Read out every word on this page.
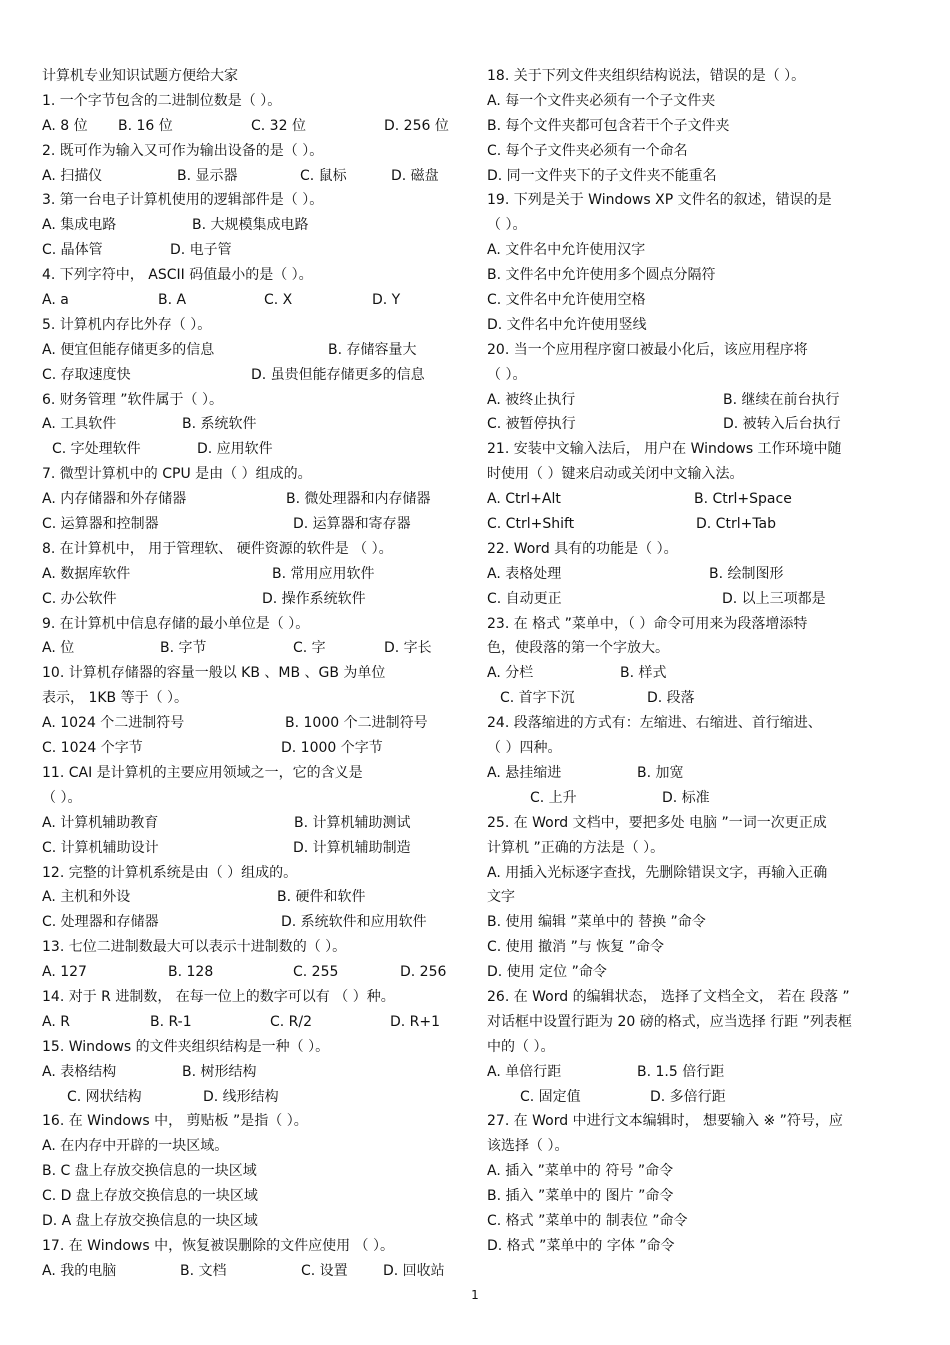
计算机专业知识试题方便给大家
1. 一个字节包含的二进制位数是（ ）。
A. 8 位 B. 16 位	C. 32 位	D. 256 位
2. 既可作为输入又可作为输出设备的是（ ）。
A. 扫描仪	B. 显示器	C. 鼠标	D. 磁盘
3. 第一台电子计算机使用的逻辑部件是（ ）。
A. 集成电路	B. 大规模集成电路
C. 晶体管	D. 电子管
4. 下列字符中， ASCII 码值最小的是（ ）。
A. a	B. A	C. X	D. Y
5. 计算机内存比外存（ ）。
A. 便宜但能存储更多的信息	B. 存储容量大
C. 存取速度快	D. 虽贵但能存储更多的信息
6. 财务管理 ”软件属于（ ）。
A. 工具软件	B. 系统软件
C. 字处理软件	D. 应用软件
7. 微型计算机中的 CPU 是由（ ）组成的。
A. 内存储器和外存储器	B. 微处理器和内存储器
C. 运算器和控制器	D. 运算器和寄存器
8. 在计算机中， 用于管理软、 硬件资源的软件是 （ ）。
A. 数据库软件	B. 常用应用软件
C. 办公软件	D. 操作系统软件
9. 在计算机中信息存储的最小单位是（ ）。
A. 位	B. 字节	C. 字	D. 字长
10. 计算机存储器的容量一般以 KB 、MB 、GB 为单位
表示， 1KB 等于（ ）。
A. 1024 个二进制符号	B. 1000 个二进制符号
C. 1024 个字节	D. 1000 个字节
11. CAI 是计算机的主要应用领域之一，它的含义是
（ ）。
A. 计算机辅助教育	B. 计算机辅助测试
C. 计算机辅助设计	D. 计算机辅助制造
12. 完整的计算机系统是由（ ）组成的。
A. 主机和外设	B. 硬件和软件
C. 处理器和存储器	D. 系统软件和应用软件
13. 七位二进制数最大可以表示十进制数的（ ）。
A. 127	B. 128	C. 255	D. 256
14. 对于 R 进制数， 在每一位上的数字可以有 （ ）种。
A. R	B. R-1	C. R/2	D. R+1
15. Windows 的文件夹组织结构是一种（ ）。
A. 表格结构	B. 树形结构
C. 网状结构	D. 线形结构
16. 在 Windows 中， 剪贴板 ”是指（ ）。
A. 在内存中开辟的一块区域。
B. C 盘上存放交换信息的一块区域
C. D 盘上存放交换信息的一块区域
D. A 盘上存放交换信息的一块区域
17. 在 Windows 中，恢复被误删除的文件应使用 （ ）。
A. 我的电脑	B. 文档	C. 设置	D. 回收站
18. 关于下列文件夹组织结构说法，错误的是（ ）。
A. 每一个文件夹必须有一个子文件夹
B. 每个文件夹都可包含若干个子文件夹
C. 每个子文件夹必须有一个命名
D. 同一文件夹下的子文件夹不能重名
19. 下列是关于 Windows XP 文件名的叙述，错误的是
（ ）。
A. 文件名中允许使用汉字
B. 文件名中允许使用多个圆点分隔符
C. 文件名中允许使用空格
D. 文件名中允许使用竖线
20. 当一个应用程序窗口被最小化后，该应用程序将
（ ）。
A. 被终止执行	B. 继续在前台执行
C. 被暂停执行	D. 被转入后台执行
21. 安装中文输入法后， 用户在 Windows 工作环境中随
时使用（ ）键来启动或关闭中文输入法。
A. Ctrl+Alt	B. Ctrl+Space
C. Ctrl+Shift	D. Ctrl+Tab
22. Word 具有的功能是（ ）。
A. 表格处理	B. 绘制图形
C. 自动更正	D. 以上三项都是
23. 在 格式 ”菜单中，（ ）命令可用来为段落增添特
色，使段落的第一个字放大。
A. 分栏	B. 样式
C. 首字下沉	D. 段落
24. 段落缩进的方式有：左缩进、右缩进、首行缩进、
（ ）四种。
A. 悬挂缩进	B. 加宽
C. 上升	D. 标准
25. 在 Word 文档中，要把多处 电脑 ”一词一次更正成
计算机 ”正确的方法是（ ）。
A. 用插入光标逐字查找，先删除错误文字，再输入正确
文字
B. 使用 编辑 ”菜单中的 替换 ”命令
C. 使用 撤消 ”与 恢复 ”命令
D. 使用 定位 ”命令
26. 在 Word 的编辑状态， 选择了文档全文， 若在 段落 ”
对话框中设置行距为 20 磅的格式，应当选择 行距 ”列表框
中的（ ）。
A. 单倍行距	B. 1.5 倍行距
C. 固定值	D. 多倍行距
27. 在 Word 中进行文本编辑时， 想要输入 ※ ”符号，应
该选择（ ）。
A. 插入 ”菜单中的 符号 ”命令
B. 插入 ”菜单中的 图片 ”命令
C. 格式 ”菜单中的 制表位 ”命令
D. 格式 ”菜单中的 字体 ”命令
1
